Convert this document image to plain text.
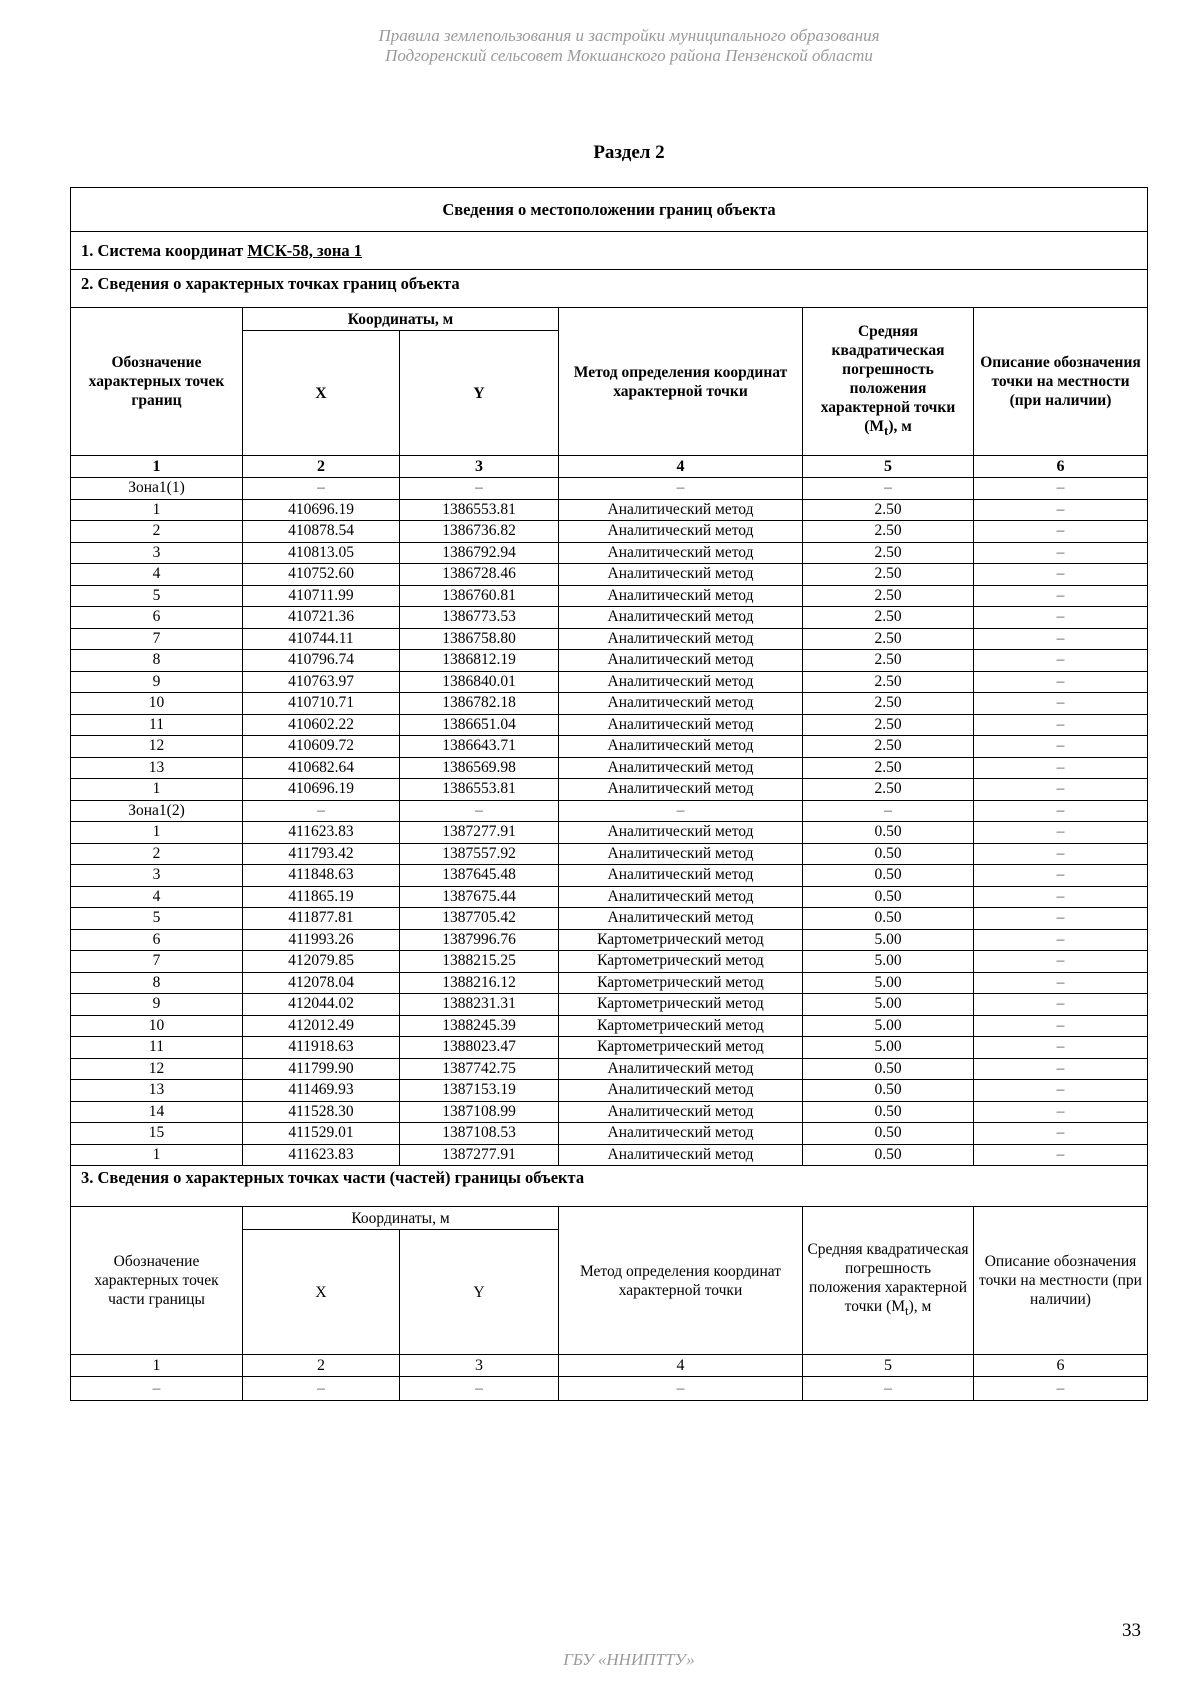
Правила землепользования и застройки муниципального образования
Подгоренский сельсовет Мокшанского района Пензенской области
Раздел 2
Сведения о местоположении границ объекта					
1. Система координат МСК-58, зона 1					
2. Сведения о характерных точках границ объекта					
Обозначение характерных точек границ	Координаты, м		Метод определения координат характерной точки	Средняя квадратическая погрешность положения характерной точки $(M_t)$, м	Описание обозначения точки на местности (при наличии)
	X	Y			
1	2	3	4	5	6
Зона1(1)	–	–	–	–	–
1	410696.19	1386553.81	Аналитический метод	2.50	–
2	410878.54	1386736.82	Аналитический метод	2.50	–
3	410813.05	1386792.94	Аналитический метод	2.50	–
4	410752.60	1386728.46	Аналитический метод	2.50	–
5	410711.99	1386760.81	Аналитический метод	2.50	–
6	410721.36	1386773.53	Аналитический метод	2.50	–
7	410744.11	1386758.80	Аналитический метод	2.50	–
8	410796.74	1386812.19	Аналитический метод	2.50	–
9	410763.97	1386840.01	Аналитический метод	2.50	–
10	410710.71	1386782.18	Аналитический метод	2.50	–
11	410602.22	1386651.04	Аналитический метод	2.50	–
12	410609.72	1386643.71	Аналитический метод	2.50	–
13	410682.64	1386569.98	Аналитический метод	2.50	–
1	410696.19	1386553.81	Аналитический метод	2.50	–
Зона1(2)	–	–	–	–	–
1	411623.83	1387277.91	Аналитический метод	0.50	–
2	411793.42	1387557.92	Аналитический метод	0.50	–
3	411848.63	1387645.48	Аналитический метод	0.50	–
4	411865.19	1387675.44	Аналитический метод	0.50	–
5	411877.81	1387705.42	Аналитический метод	0.50	–
6	411993.26	1387996.76	Картометрический метод	5.00	–
7	412079.85	1388215.25	Картометрический метод	5.00	–
8	412078.04	1388216.12	Картометрический метод	5.00	–
9	412044.02	1388231.31	Картометрический метод	5.00	–
10	412012.49	1388245.39	Картометрический метод	5.00	–
11	411918.63	1388023.47	Картометрический метод	5.00	–
12	411799.90	1387742.75	Аналитический метод	0.50	–
13	411469.93	1387153.19	Аналитический метод	0.50	–
14	411528.30	1387108.99	Аналитический метод	0.50	–
15	411529.01	1387108.53	Аналитический метод	0.50	–
1	411623.83	1387277.91	Аналитический метод	0.50	–
3. Сведения о характерных точках части (частей) границы объекта					
Обозначение характерных точек части границы	Координаты, м		Метод определения координат характерной точки	Средняя квадратическая погрешность положения характерной точки $(M_t)$, м	Описание обозначения точки на местности (при наличии)
	X	Y			
1	2	3	4	5	6
–	–	–	–	–	–
33
ГБУ «ННИПТТУ»
